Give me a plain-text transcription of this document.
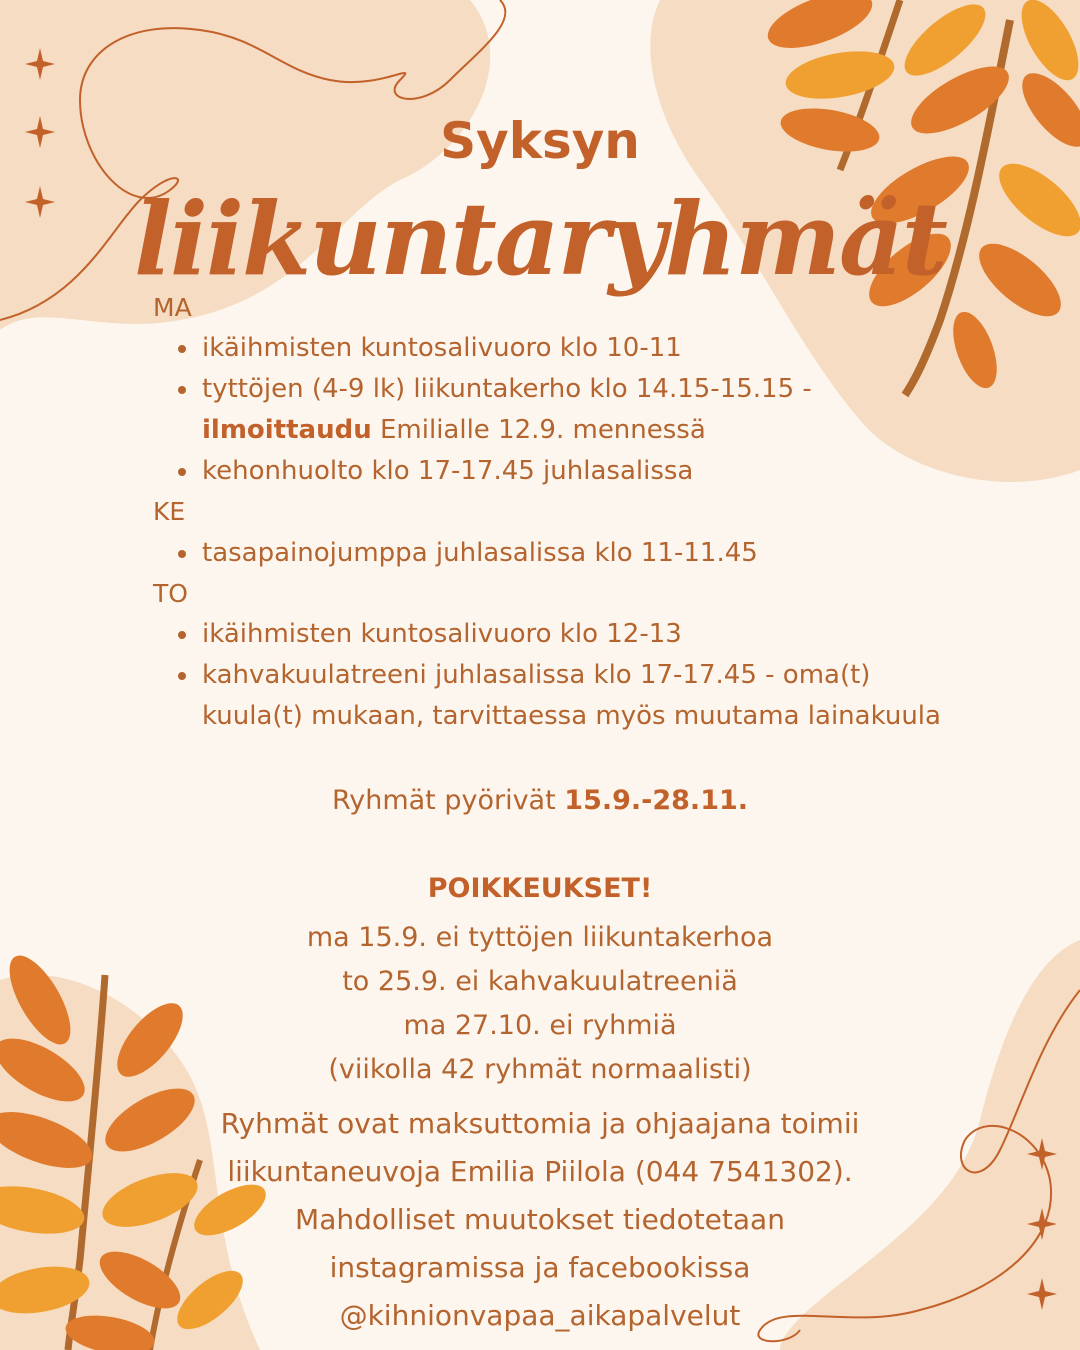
Syksyn
liikuntaryhmät
MA
ikäihmisten kuntosalivuoro klo 10-11
tyttöjen (4-9 lk) liikuntakerho klo 14.15-15.15 -
ilmoittaudu Emilialle 12.9. mennessä
kehonhuolto klo 17-17.45 juhlasalissa
KE
tasapainojumppa juhlasalissa klo 11-11.45
TO
ikäihmisten kuntosalivuoro klo 12-13
kahvakuulatreeni juhlasalissa klo 17-17.45 - oma(t) kuula(t) mukaan, tarvittaessa myös muutama lainakuula
Ryhmät pyörivät 15.9.-28.11.
POIKKEUKSET!
ma 15.9. ei tyttöjen liikuntakerhoa
to 25.9. ei kahvakuulatreeniä
ma 27.10. ei ryhmiä
(viikolla 42 ryhmät normaalisti)
Ryhmät ovat maksuttomia ja ohjaajana toimii
liikuntaneuvoja Emilia Piilola (044 7541302).
Mahdolliset muutokset tiedotetaan
instagramissa ja facebookissa
@kihnionvapaa_aikapalvelut
